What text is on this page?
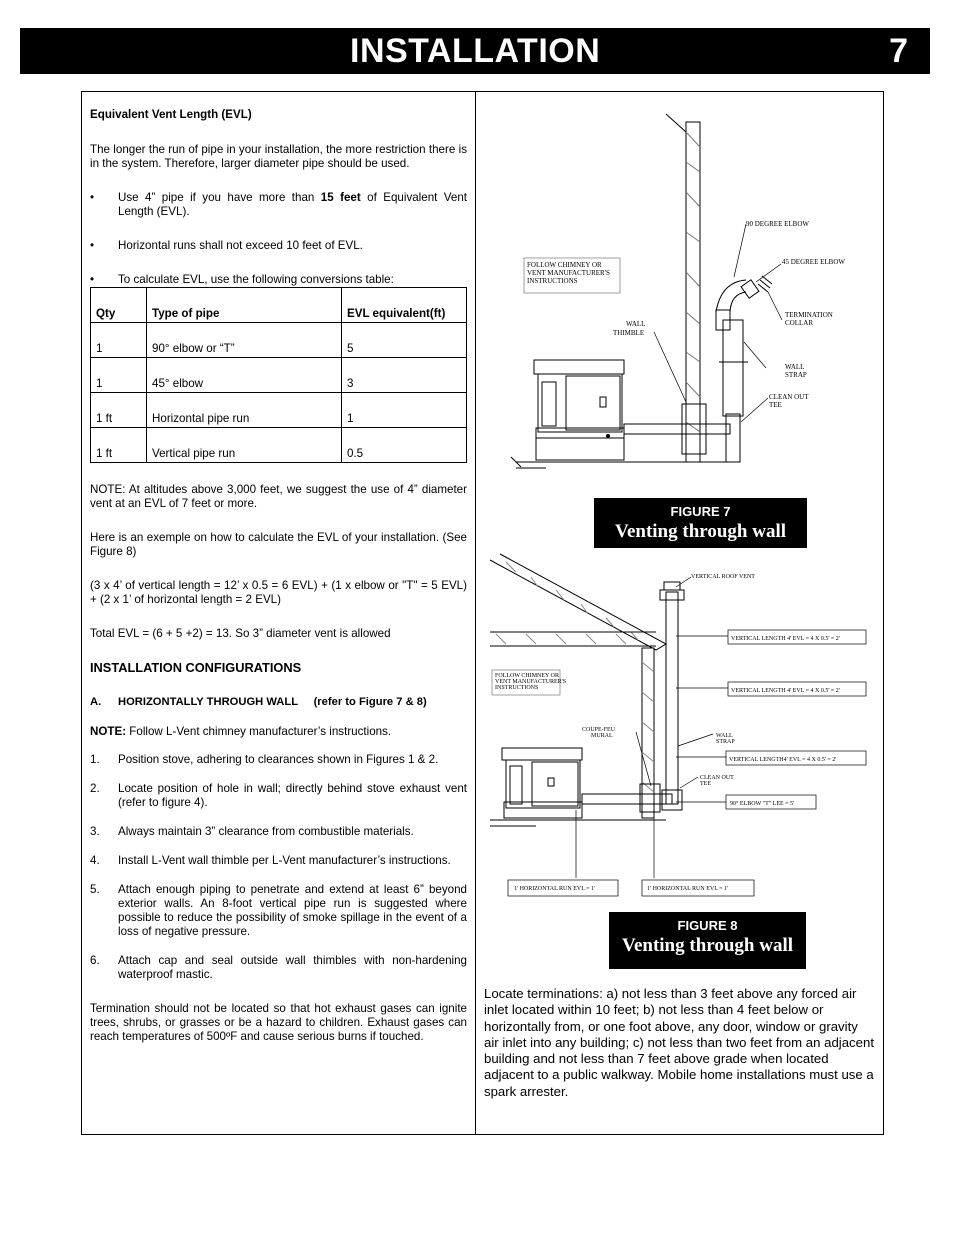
INSTALLATION	7

Equivalent Vent Length (EVL)

The longer the run of pipe in your installation, the more restriction there is in the system. Therefore, larger diameter pipe should be used.

• Use 4” pipe if you have more than 15 feet of Equivalent Vent Length (EVL).
• Horizontal runs shall not exceed 10 feet of EVL.
• To calculate EVL, use the following conversions table:
Qty	Type of pipe	EVL equivalent(ft)
1	90° elbow or “T”	5
1	45° elbow	3
1 ft	Horizontal pipe run	1
1 ft	Vertical pipe run	0.5

NOTE: At altitudes above 3,000 feet, we suggest the use of 4” diameter vent at an EVL of 7 feet or more.

Here is an exemple on how to calculate the EVL of your installation. (See Figure 8)

(3 x 4’ of vertical length = 12’ x 0.5 = 6 EVL) + (1 x elbow or "T" = 5 EVL) + (2 x 1’ of horizontal length = 2 EVL)

Total EVL = (6 + 5 +2) = 13. So 3” diameter vent is allowed

INSTALLATION CONFIGURATIONS

A. HORIZONTALLY THROUGH WALL (refer to Figure 7 & 8)

NOTE: Follow L-Vent chimney manufacturer’s instructions.

1. Position stove, adhering to clearances shown in Figures 1 & 2.
2. Locate position of hole in wall; directly behind stove exhaust vent (refer to figure 4).
3. Always maintain 3” clearance from combustible materials.
4. Install L-Vent wall thimble per L-Vent manufacturer’s instructions.
5. Attach enough piping to penetrate and extend at least 6” beyond exterior walls. An 8-foot vertical pipe run is suggested where possible to reduce the possibility of smoke spillage in the event of a loss of negative pressure.
6. Attach cap and seal outside wall thimbles with non-hardening waterproof mastic.

Termination should not be located so that hot exhaust gases can ignite trees, shrubs, or grasses or be a hazard to children. Exhaust gases can reach temperatures of 500ºF and cause serious burns if touched.

90 DEGREE ELBOW
45 DEGREE ELBOW
FOLLOW CHIMNEY OR
VENT MANUFACTURER'S
INSTRUCTIONS
WALL
THIMBLE
TERMINATION
COLLAR
WALL
STRAP
CLEAN OUT
TEE
FIGURE 7
Venting through wall
VERTICAL ROOF VENT
VERTICAL LENGTH 4' EVL = 4 X 0.5' = 2'
VERTICAL LENGTH 4' EVL = 4 X 0.5' = 2'
VERTICAL LENGTH4' EVL = 4 X 0.5' = 2'
FOLLOW CHIMNEY OR
VENT MANUFACTURER'S
INSTRUCTIONS
COUPE-FEU
MURAL	WALL
STRAP
CLEAN OUT
TEE
90° ELBOW "T" LEE = 5'
1' HORIZONTAL RUN EVL = 1'	1' HORIZONTAL RUN EVL = 1'
FIGURE 8
Venting through wall
Locate terminations: a) not less than 3 feet above any forced air inlet located within 10 feet; b) not less than 4 feet below or horizontally from, or one foot above, any door, window or gravity air inlet into any building; c) not less than two feet from an adjacent building and not less than 7 feet above grade when located adjacent to a public walkway. Mobile home installations must use a spark arrester.
